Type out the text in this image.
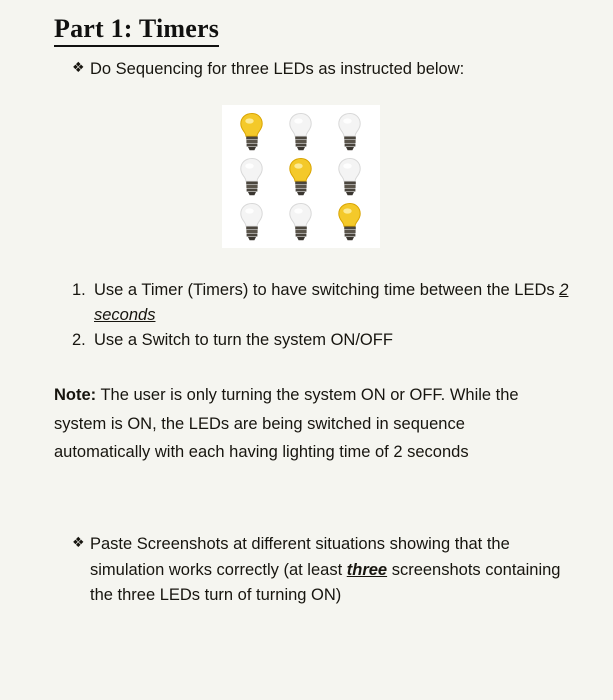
Part 1: Timers
❖ Do Sequencing for three LEDs as instructed below:
1. Use a Timer (Timers) to have switching time between the LEDs 2 seconds
2. Use a Switch to turn the system ON/OFF
Note: The user is only turning the system ON or OFF. While the system is ON, the LEDs are being switched in sequence automatically with each having lighting time of 2 seconds
❖ Paste Screenshots at different situations showing that the simulation works correctly (at least three screenshots containing the three LEDs turn of turning ON)
